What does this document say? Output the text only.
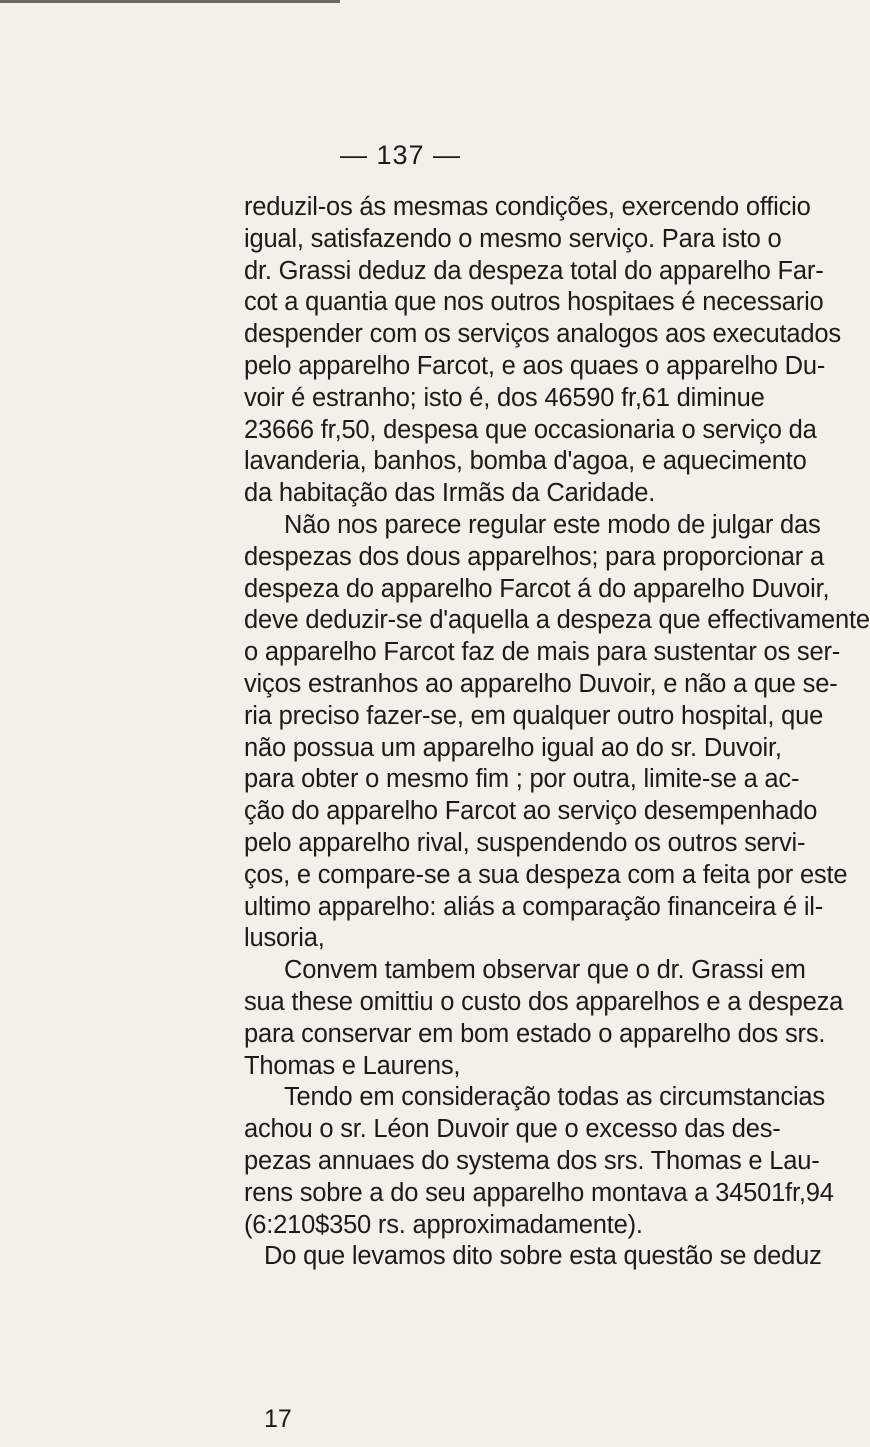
— 137 —
reduzil-os ás mesmas condições, exercendo officio
igual, satisfazendo o mesmo serviço. Para isto o
dr. Grassi deduz da despeza total do apparelho Far-
cot a quantia que nos outros hospitaes é necessario
despender com os serviços analogos aos executados
pelo apparelho Farcot, e aos quaes o apparelho Du-
voir é estranho; isto é, dos 46590 fr,61 diminue
23666 fr,50, despesa que occasionaria o serviço da
lavanderia, banhos, bomba d'agoa, e aquecimento
da habitação das Irmãs da Caridade.
Não nos parece regular este modo de julgar das
despezas dos dous apparelhos; para proporcionar a
despeza do apparelho Farcot á do apparelho Duvoir,
deve deduzir-se d'aquella a despeza que effectivamente
o apparelho Farcot faz de mais para sustentar os ser-
viços estranhos ao apparelho Duvoir, e não a que se-
ria preciso fazer-se, em qualquer outro hospital, que
não possua um apparelho igual ao do sr. Duvoir,
para obter o mesmo fim ; por outra, limite-se a ac-
ção do apparelho Farcot ao serviço desempenhado
pelo apparelho rival, suspendendo os outros servi-
ços, e compare-se a sua despeza com a feita por este
ultimo apparelho: aliás a comparação financeira é il-
lusoria,
Convem tambem observar que o dr. Grassi em
sua these omittiu o custo dos apparelhos e a despeza
para conservar em bom estado o apparelho dos srs.
Thomas e Laurens,
Tendo em consideração todas as circumstancias
achou o sr. Léon Duvoir que o excesso das des-
pezas annuaes do systema dos srs. Thomas e Lau-
rens sobre a do seu apparelho montava a 34501fr,94
(6:210$350 rs. approximadamente).
Do que levamos dito sobre esta questão se deduz
17
